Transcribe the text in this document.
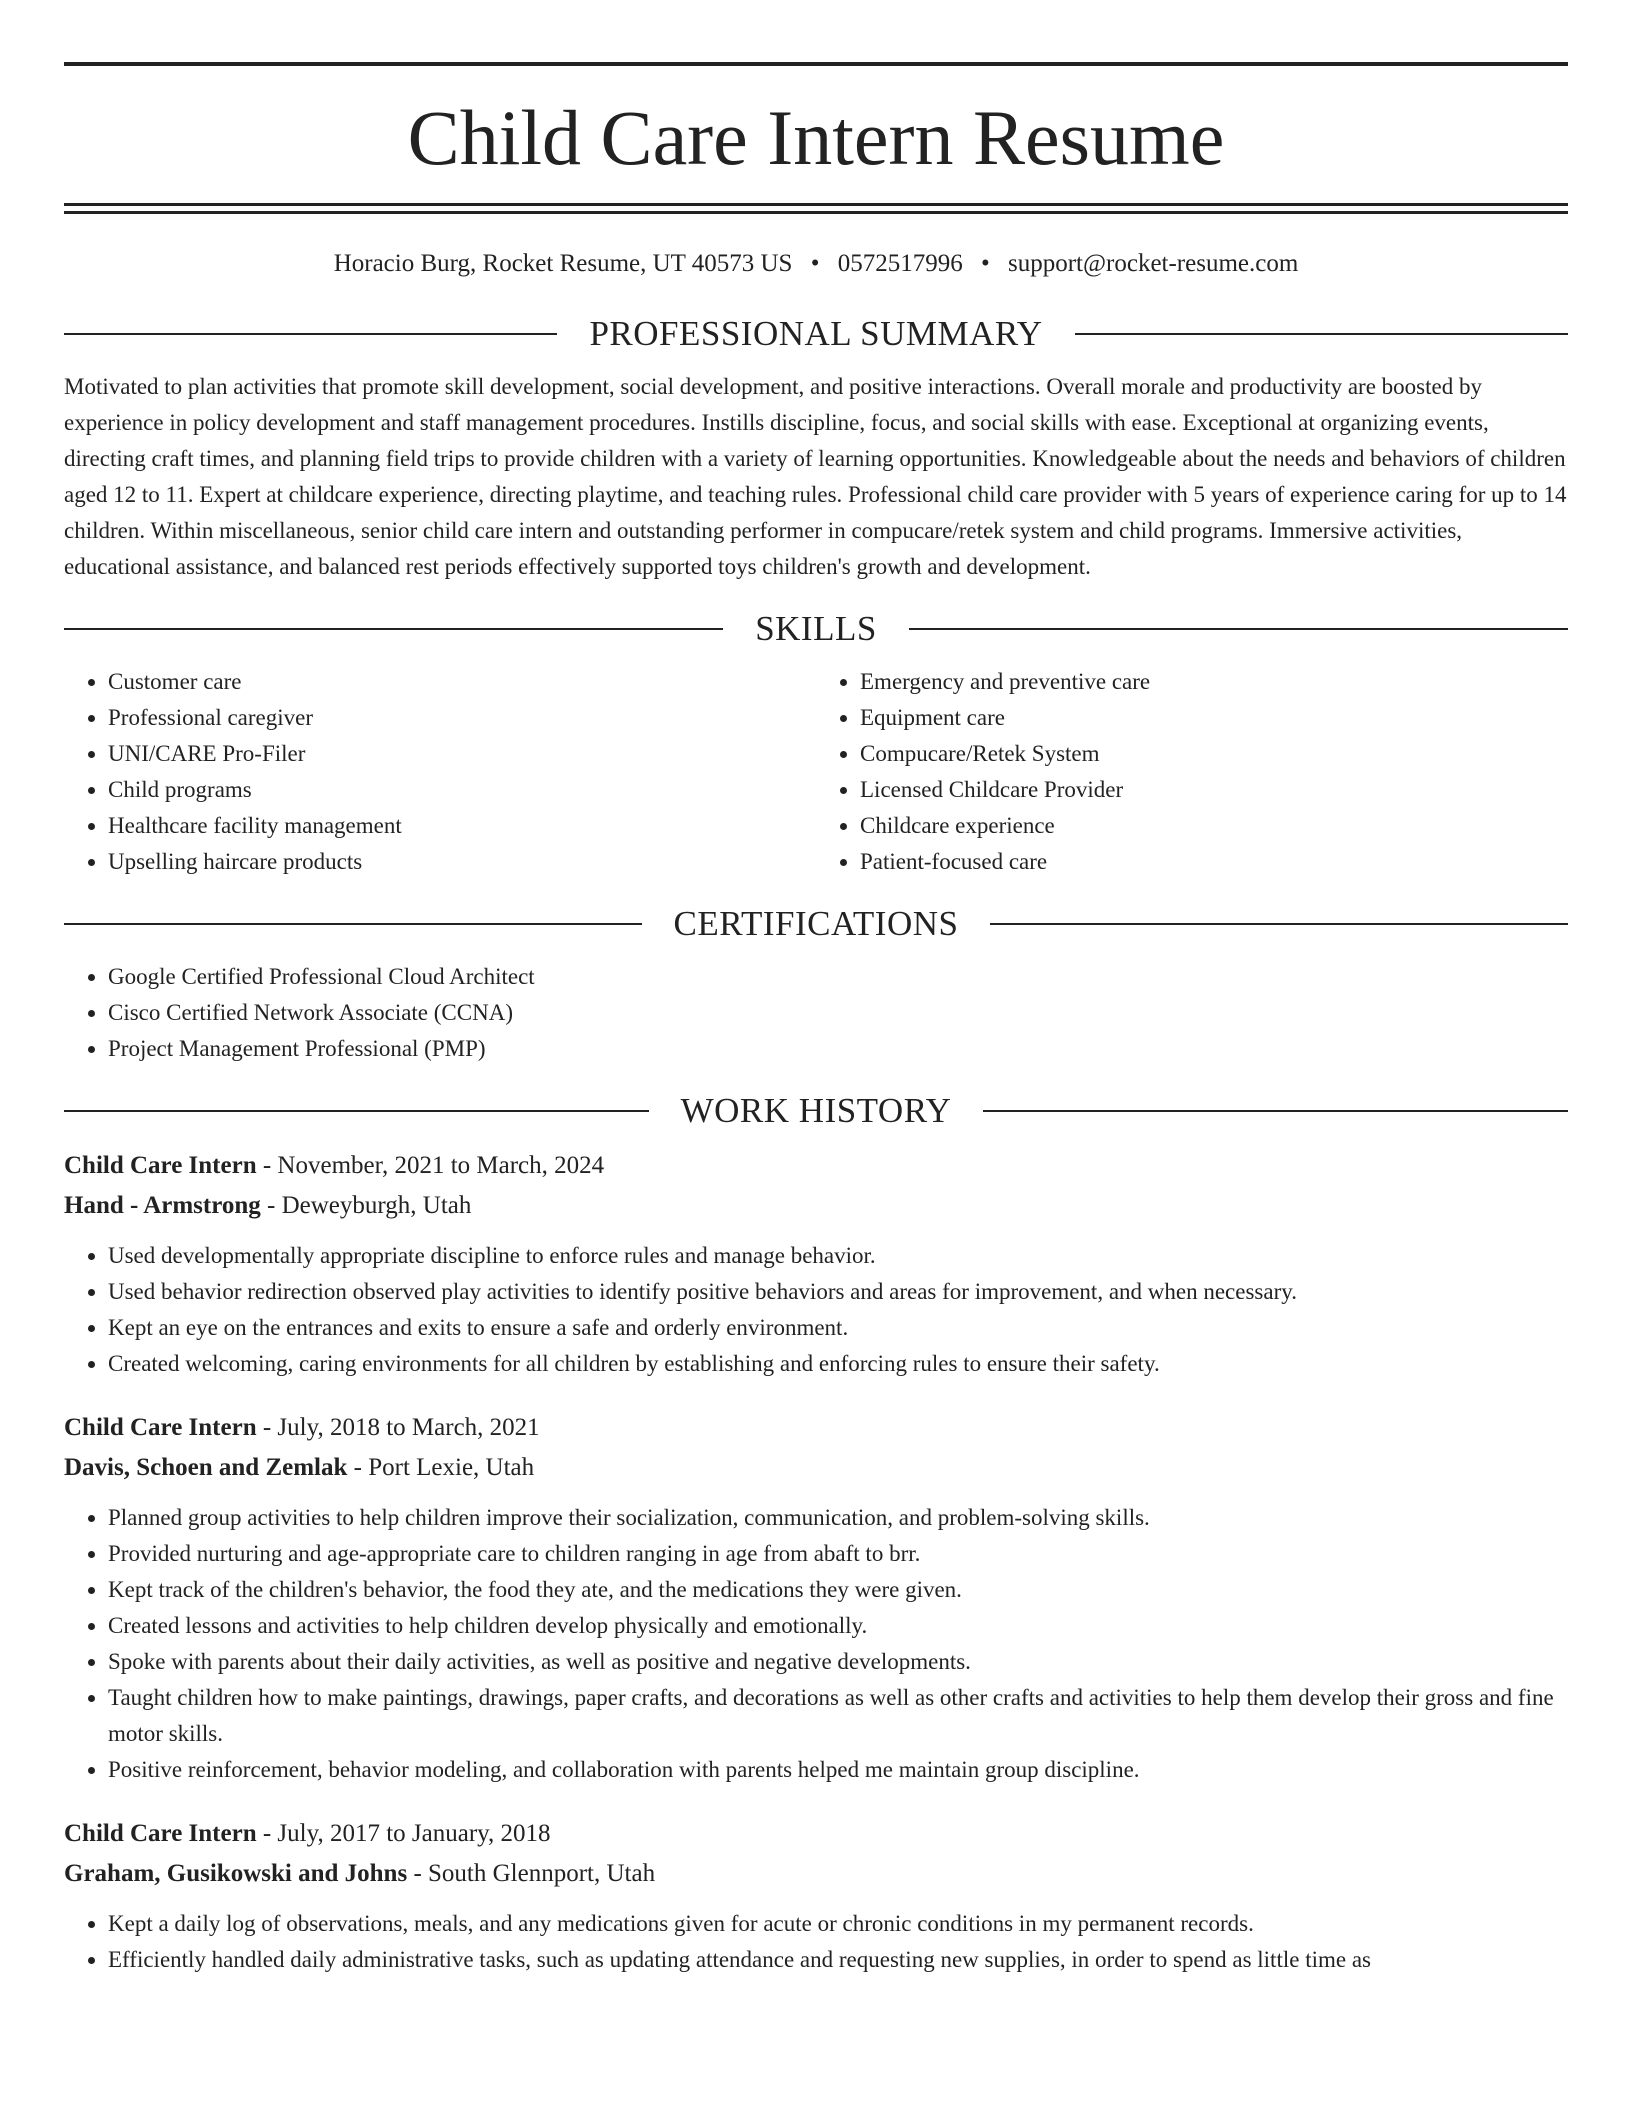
Child Care Intern Resume
Horacio Burg, Rocket Resume, UT 40573 US • 0572517996 • support@rocket-resume.com
PROFESSIONAL SUMMARY

Motivated to plan activities that promote skill development, social development, and positive interactions. Overall morale and productivity are boosted by experience in policy development and staff management procedures. Instills discipline, focus, and social skills with ease. Exceptional at organizing events, directing craft times, and planning field trips to provide children with a variety of learning opportunities. Knowledgeable about the needs and behaviors of children aged 12 to 11. Expert at childcare experience, directing playtime, and teaching rules. Professional child care provider with 5 years of experience caring for up to 14 children. Within miscellaneous, senior child care intern and outstanding performer in compucare/retek system and child programs. Immersive activities, educational assistance, and balanced rest periods effectively supported toys children's growth and development.

SKILLS
• Customer care
• Professional caregiver
• UNI/CARE Pro-Filer
• Child programs
• Healthcare facility management
• Upselling haircare products
• Emergency and preventive care
• Equipment care
• Compucare/Retek System
• Licensed Childcare Provider
• Childcare experience
• Patient-focused care
CERTIFICATIONS
• Google Certified Professional Cloud Architect
• Cisco Certified Network Associate (CCNA)
• Project Management Professional (PMP)
WORK HISTORY
Child Care Intern - November, 2021 to March, 2024
Hand - Armstrong - Deweyburgh, Utah
• Used developmentally appropriate discipline to enforce rules and manage behavior.
• Used behavior redirection observed play activities to identify positive behaviors and areas for improvement, and when necessary.
• Kept an eye on the entrances and exits to ensure a safe and orderly environment.
• Created welcoming, caring environments for all children by establishing and enforcing rules to ensure their safety.
Child Care Intern - July, 2018 to March, 2021
Davis, Schoen and Zemlak - Port Lexie, Utah
• Planned group activities to help children improve their socialization, communication, and problem-solving skills.
• Provided nurturing and age-appropriate care to children ranging in age from abaft to brr.
• Kept track of the children's behavior, the food they ate, and the medications they were given.
• Created lessons and activities to help children develop physically and emotionally.
• Spoke with parents about their daily activities, as well as positive and negative developments.
• Taught children how to make paintings, drawings, paper crafts, and decorations as well as other crafts and activities to help them develop their gross and fine motor skills.
• Positive reinforcement, behavior modeling, and collaboration with parents helped me maintain group discipline.
Child Care Intern - July, 2017 to January, 2018
Graham, Gusikowski and Johns - South Glennport, Utah
• Kept a daily log of observations, meals, and any medications given for acute or chronic conditions in my permanent records.
• Efficiently handled daily administrative tasks, such as updating attendance and requesting new supplies, in order to spend as little time as
